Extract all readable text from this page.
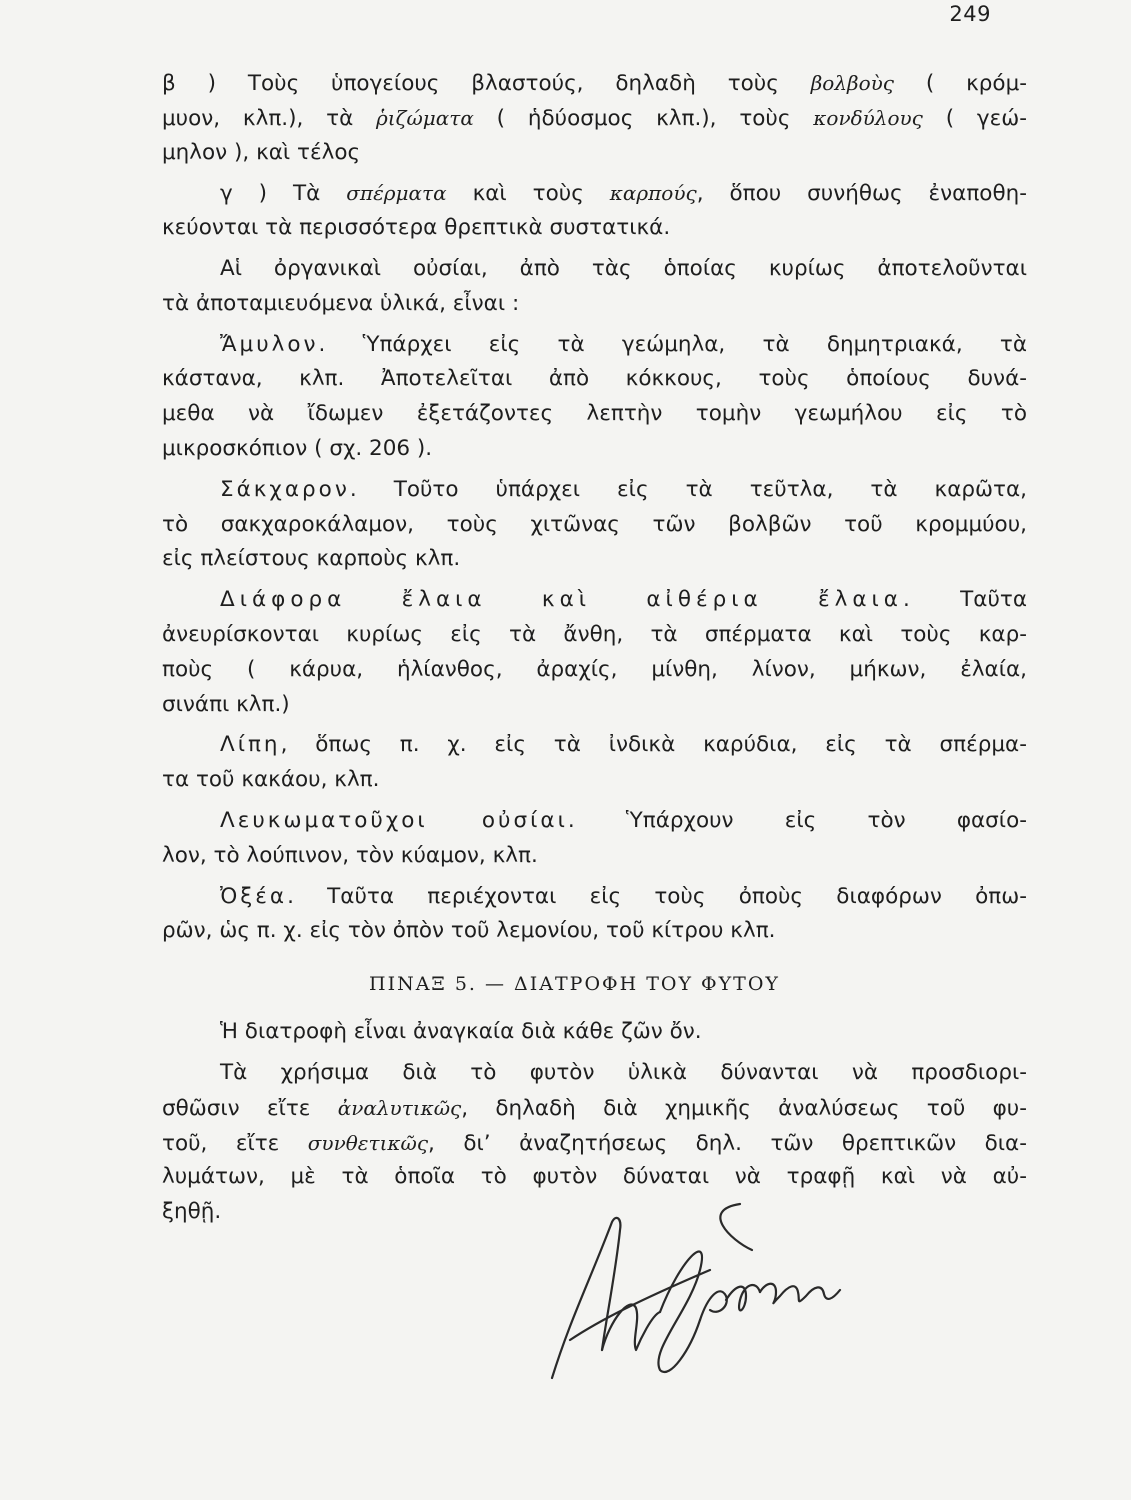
249

β ) Τοὺς ὑπογείους βλαστούς, δηλαδὴ τοὺς βολβοὺς ( κρόμ-

μυον, κλπ.), τὰ ῥιζώματα ( ἡδύοσμος κλπ.), τοὺς κονδύλους ( γεώ-

μηλον ), καὶ τέλος

γ ) Τὰ σπέρματα καὶ τοὺς καρπούς, ὅπου συνήθως ἐναποθη-

κεύονται τὰ περισσότερα θρεπτικὰ συστατικά.

Αἱ ὀργανικαὶ οὐσίαι, ἀπὸ τὰς ὁποίας κυρίως ἀποτελοῦνται

τὰ ἀποταμιευόμενα ὑλικά, εἶναι :

Ἄμυλον. Ὑπάρχει εἰς τὰ γεώμηλα, τὰ δημητριακά, τὰ

κάστανα, κλπ. Ἀποτελεῖται ἀπὸ κόκκους, τοὺς ὁποίους δυνά-

μεθα νὰ ἴδωμεν ἐξετάζοντες λεπτὴν τομὴν γεωμήλου εἰς τὸ

μικροσκόπιον ( σχ. 206 ).

Σάκχαρον. Τοῦτο ὑπάρχει εἰς τὰ τεῦτλα, τὰ καρῶτα,

τὸ σακχαροκάλαμον, τοὺς χιτῶνας τῶν βολβῶν τοῦ κρομμύου,

εἰς πλείστους καρποὺς κλπ.

Διάφορα ἔλαια καὶ αἰθέρια ἔλαια. Ταῦτα

ἀνευρίσκονται κυρίως εἰς τὰ ἄνθη, τὰ σπέρματα καὶ τοὺς καρ-

ποὺς ( κάρυα, ἡλίανθος, ἀραχίς, μίνθη, λίνον, μήκων, ἐλαία,

σινάπι κλπ.)

Λίπη, ὅπως π. χ. εἰς τὰ ἰνδικὰ καρύδια, εἰς τὰ σπέρμα-

τα τοῦ κακάου, κλπ.

Λευκωματοῦχοι οὐσίαι. Ὑπάρχουν εἰς τὸν φασίο-

λον, τὸ λούπινον, τὸν κύαμον, κλπ.

Ὀξέα. Ταῦτα περιέχονται εἰς τοὺς ὀποὺς διαφόρων ὀπω-

ρῶν, ὡς π. χ. εἰς τὸν ὀπὸν τοῦ λεμονίου, τοῦ κίτρου κλπ.

ΠΙΝΑΞ 5. — ΔΙΑΤΡΟΦΗ ΤΟΥ ΦΥΤΟΥ

Ἡ διατροφὴ εἶναι ἀναγκαία διὰ κάθε ζῶν ὄν.

Τὰ χρήσιμα διὰ τὸ φυτὸν ὑλικὰ δύνανται νὰ προσδιορι-

σθῶσιν εἴτε ἀναλυτικῶς, δηλαδὴ διὰ χημικῆς ἀναλύσεως τοῦ φυ-

τοῦ, εἴτε συνθετικῶς, δι’ ἀναζητήσεως δηλ. τῶν θρεπτικῶν δια-

λυμάτων, μὲ τὰ ὁποῖα τὸ φυτὸν δύναται νὰ τραφῇ καὶ νὰ αὐ-

ξηθῇ.
